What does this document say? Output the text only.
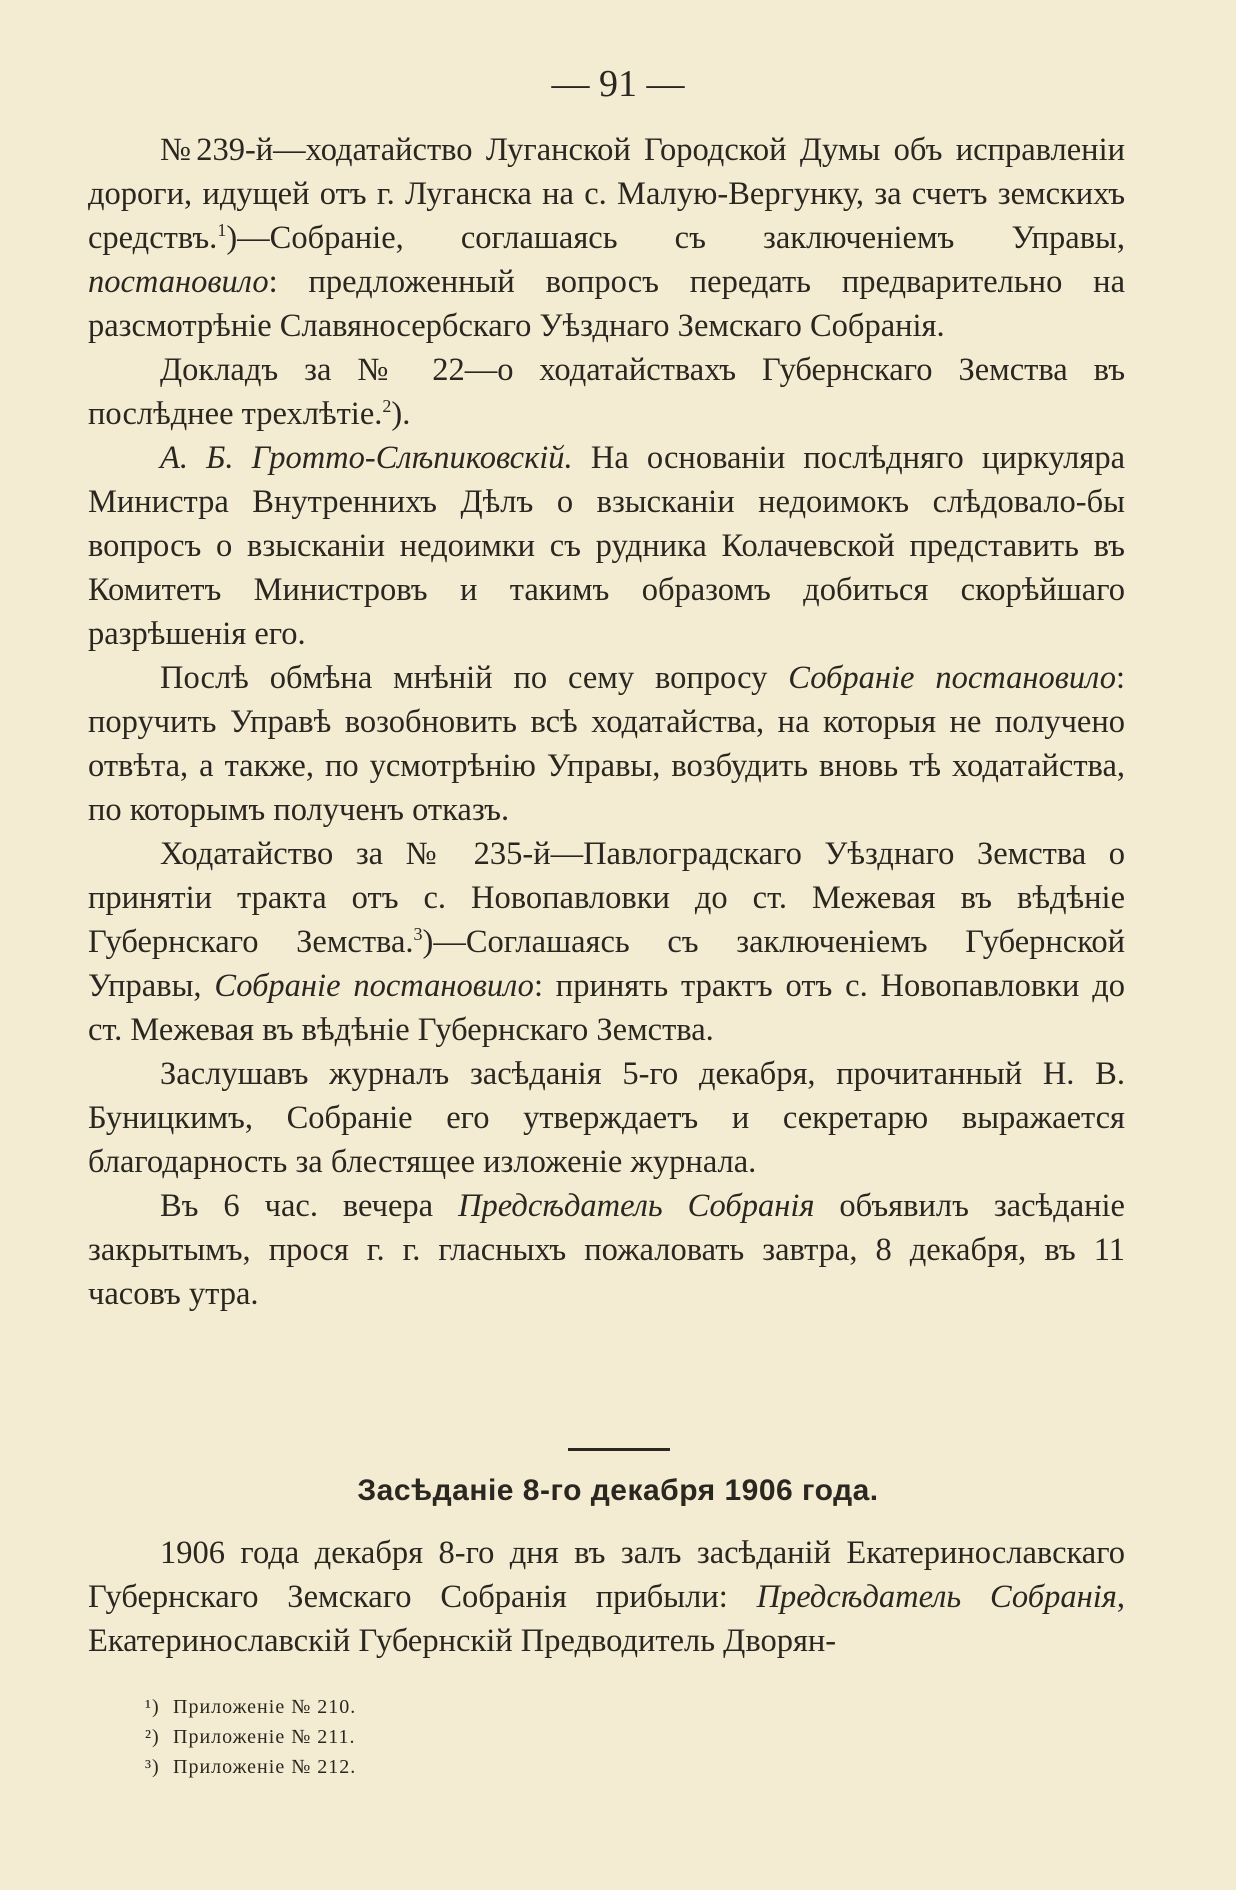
— 91 —

№239-й—ходатайство Луганской Городской Думы объ исправленіи дороги, идущей отъ г. Луганска на с. Малую-Вергунку, за счетъ земскихъ средствъ.$^1$)—Собраніе, соглашаясь съ заключеніемъ Управы, постановило: предложенный вопросъ передать предварительно на разсмотрѣніе Славяносербскаго Уѣзднаго Земскаго Собранія.

Докладъ за № 22—о ходатайствахъ Губернскаго Земства въ послѣднее трехлѣтіе.$^2$).

А. Б. Гротто-Слѣпиковскій. На основаніи послѣдняго циркуляра Министра Внутреннихъ Дѣлъ о взысканіи недоимокъ слѣдовало-бы вопросъ о взысканіи недоимки съ рудника Колачевской представить въ Комитетъ Министровъ и такимъ образомъ добиться скорѣйшаго разрѣшенія его.

Послѣ обмѣна мнѣній по сему вопросу Собраніе постановило: поручить Управѣ возобновить всѣ ходатайства, на которыя не получено отвѣта, а также, по усмотрѣнію Управы, возбудить вновь тѣ ходатайства, по которымъ полученъ отказъ.

Ходатайство за № 235-й—Павлоградскаго Уѣзднаго Земства о принятіи тракта отъ с. Новопавловки до ст. Межевая въ вѣдѣніе Губернскаго Земства.$^3$)—Соглашаясь съ заключеніемъ Губернской Управы, Собраніе постановило: принять трактъ отъ с. Новопавловки до ст. Межевая въ вѣдѣніе Губернскаго Земства.

Заслушавъ журналъ засѣданія 5-го декабря, прочитанный Н. В. Буницкимъ, Собраніе его утверждаетъ и секретарю выражается благодарность за блестящее изложеніе журнала.

Въ 6 час. вечера Предсѣдатель Собранія объявилъ засѣданіе закрытымъ, прося г. г. гласныхъ пожаловать завтра, 8 декабря, въ 11 часовъ утра.

Засѣданіе 8-го декабря 1906 года.

1906 года декабря 8-го дня въ залъ засѣданій Екатеринославскаго Губернскаго Земскаго Собранія прибыли: Предсѣдатель Собранія, Екатеринославскій Губернскій Предводитель Дворян-

¹) Приложеніе № 210.
²) Приложеніе № 211.
³) Приложеніе № 212.
